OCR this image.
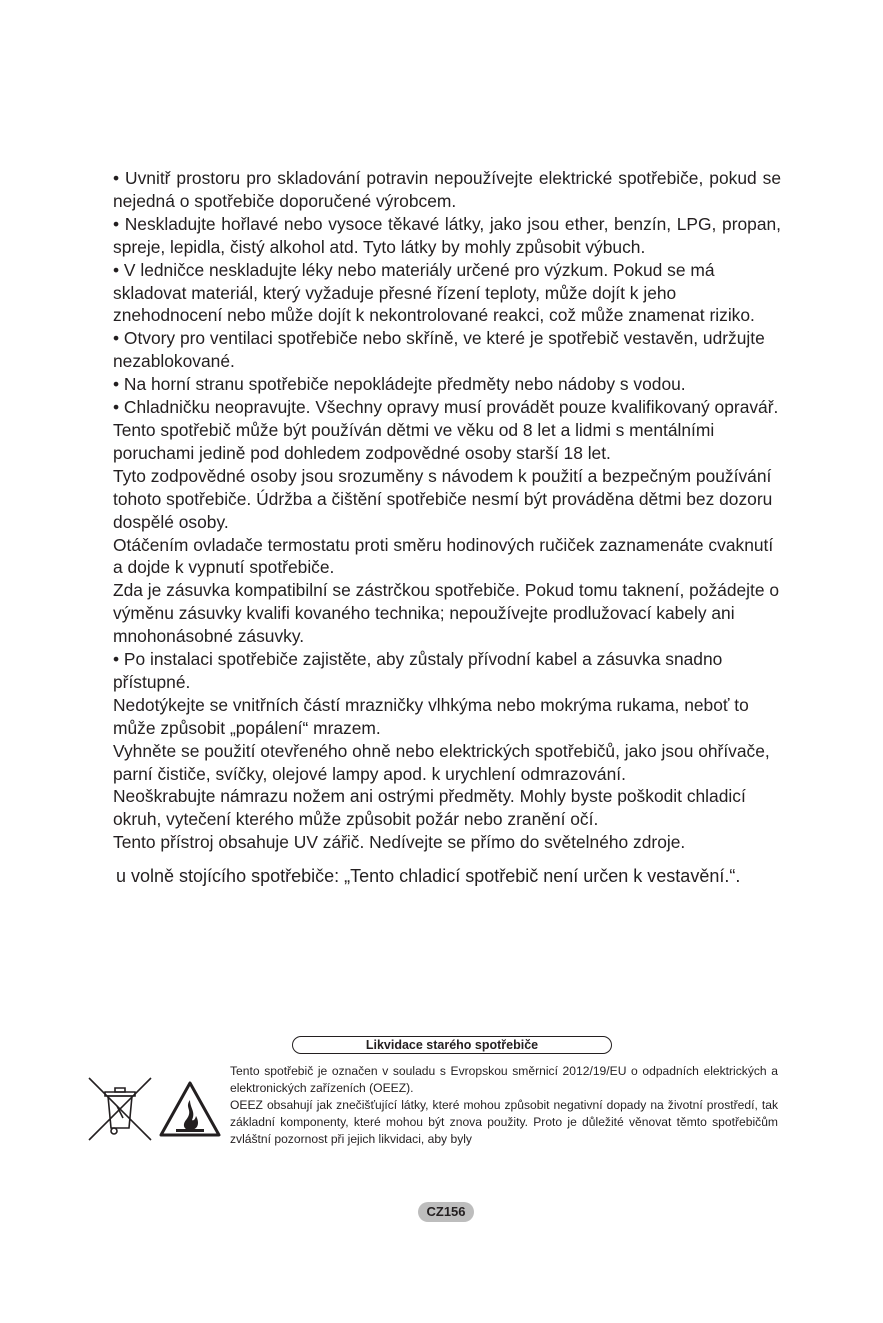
• Uvnitř prostoru pro skladování potravin nepoužívejte elektrické spotřebiče, pokud se nejedná o spotřebiče doporučené výrobcem.

• Neskladujte hořlavé nebo vysoce těkavé látky, jako jsou ether, benzín, LPG, propan, spreje, lepidla, čistý alkohol atd. Tyto látky by mohly způsobit výbuch.

• V ledničce neskladujte léky nebo materiály určené pro výzkum. Pokud se má skladovat materiál, který vyžaduje přesné řízení teploty, může dojít k jeho znehodnocení nebo může dojít k nekontrolované reakci, což může znamenat riziko.

• Otvory pro ventilaci spotřebiče nebo skříně, ve které je spotřebič vestavěn, udržujte nezablokované.

• Na horní stranu spotřebiče nepokládejte předměty nebo nádoby s vodou.

• Chladničku neopravujte. Všechny opravy musí provádět pouze kvalifikovaný opravář.

Tento spotřebič může být používán dětmi ve věku od 8 let a lidmi s mentálními poruchami jedině pod dohledem zodpovědné osoby starší 18 let.

Tyto zodpovědné osoby jsou srozuměny s návodem k použití a bezpečným používání tohoto spotřebiče. Údržba a čištění spotřebiče nesmí být prováděna dětmi bez dozoru dospělé osoby.

Otáčením ovladače termostatu proti směru hodinových ručiček zaznamenáte cvaknutí a dojde k vypnutí spotřebiče.

Zda je zásuvka kompatibilní se zástrčkou spotřebiče. Pokud tomu taknení, požádejte o výměnu zásuvky kvalifi kovaného technika; nepoužívejte prodlužovací kabely ani mnohonásobné zásuvky.

• Po instalaci spotřebiče zajistěte, aby zůstaly přívodní kabel a zásuvka snadno přístupné.

Nedotýkejte se vnitřních částí mrazničky vlhkýma nebo mokrýma rukama, neboť to může způsobit „popálení“ mrazem.

Vyhněte se použití otevřeného ohně nebo elektrických spotřebičů, jako jsou ohřívače, parní čističe, svíčky, olejové lampy apod. k urychlení odmrazování.

Neoškrabujte námrazu nožem ani ostrými předměty. Mohly byste poškodit chladicí okruh, vytečení kterého může způsobit požár nebo zranění očí.

Tento přístroj obsahuje UV zářič. Nedívejte se přímo do světelného zdroje.

u volně stojícího spotřebiče: „Tento chladicí spotřebič není určen k vestavění.“.

Likvidace starého spotřebiče

Tento spotřebič je označen v souladu s Evropskou směrnicí 2012/19/EU o odpadních elektrických a elektronických zařízeních (OEEZ).

OEEZ obsahují jak znečišťující látky, které mohou způsobit negativní dopady na životní prostředí, tak základní komponenty, které mohou být znova použity. Proto je důležité věnovat těmto spotřebičům zvláštní pozornost při jejich likvidaci, aby byly

CZ156
